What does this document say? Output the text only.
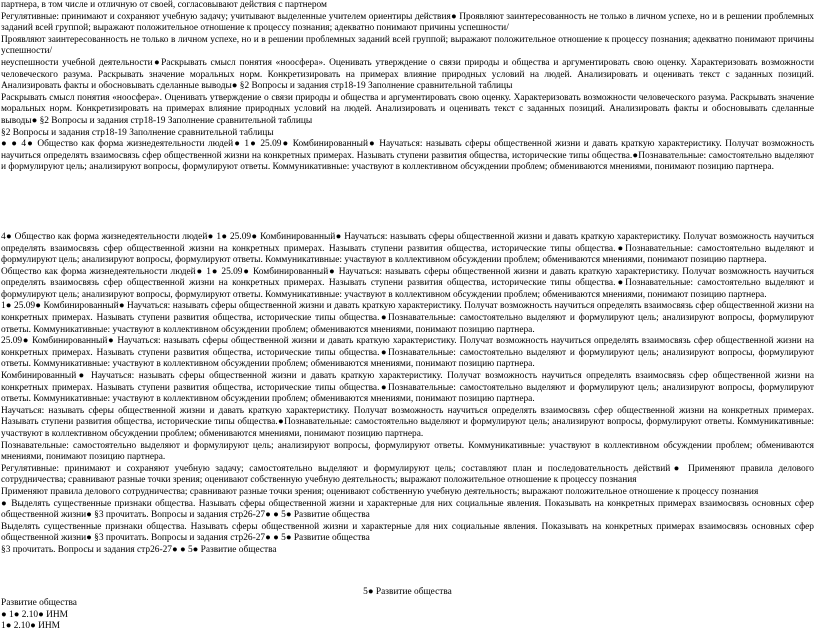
партнера, в том числе и отличную от своей, согласовывают действия с партнером

Регулятивные: принимают и сохраняют учебную задачу; учитывают выделенные учителем ориентиры действия● Проявляют заинтересованность не только в личном успехе, но и в решении проблемных заданий всей группой; выражают положительное отношение к процессу познания; адекватно понимают причины успешности/

Проявляют заинтересованность не только в личном успехе, но и в решении проблемных заданий всей группой; выражают положительное отношение к процессу познания; адекватно понимают причины успешности/

неуспешности учебной деятельности●Раскрывать смысл понятия «ноосфера». Оценивать утверждение о связи природы и общества и аргументировать свою оценку. Характеризовать возможности человеческого разума. Раскрывать значение моральных норм. Конкретизировать на примерах влияние природных условий на людей. Анализировать и оценивать текст с заданных позиций. Анализировать факты и обосновывать сделанные выводы● §2 Вопросы и задания стр18-19 Заполнение сравнительной таблицы

Раскрывать смысл понятия «ноосфера». Оценивать утверждение о связи природы и общества и аргументировать свою оценку. Характеризовать возможности человеческого разума. Раскрывать значение моральных норм. Конкретизировать на примерах влияние природных условий на людей. Анализировать и оценивать текст с заданных позиций. Анализировать факты и обосновывать сделанные выводы● §2 Вопросы и задания стр18-19 Заполнение сравнительной таблицы

§2 Вопросы и задания стр18-19 Заполнение сравнительной таблицы

● ● 4● Общество как форма жизнедеятельности людей● 1● 25.09● Комбинированный● Научаться: называть сферы общественной жизни и давать краткую характеристику. Получат возможность научиться определять взаимосвязь сфер общественной жизни на конкретных примерах. Называть ступени развития общества, исторические типы общества.●Познавательные: самостоятельно выделяют и формулируют цель; анализируют вопросы, формулируют ответы. Коммуникативные: участвуют в коллективном обсуждении проблем; обмениваются мнениями, понимают позицию партнера.

4● Общество как форма жизнедеятельности людей● 1● 25.09● Комбинированный● Научаться: называть сферы общественной жизни и давать краткую характеристику. Получат возможность научиться определять взаимосвязь сфер общественной жизни на конкретных примерах. Называть ступени развития общества, исторические типы общества.●Познавательные: самостоятельно выделяют и формулируют цель; анализируют вопросы, формулируют ответы. Коммуникативные: участвуют в коллективном обсуждении проблем; обмениваются мнениями, понимают позицию партнера.

Общество как форма жизнедеятельности людей● 1● 25.09● Комбинированный● Научаться: называть сферы общественной жизни и давать краткую характеристику. Получат возможность научиться определять взаимосвязь сфер общественной жизни на конкретных примерах. Называть ступени развития общества, исторические типы общества.●Познавательные: самостоятельно выделяют и формулируют цель; анализируют вопросы, формулируют ответы. Коммуникативные: участвуют в коллективном обсуждении проблем; обмениваются мнениями, понимают позицию партнера.

1● 25.09● Комбинированный● Научаться: называть сферы общественной жизни и давать краткую характеристику. Получат возможность научиться определять взаимосвязь сфер общественной жизни на конкретных примерах. Называть ступени развития общества, исторические типы общества.●Познавательные: самостоятельно выделяют и формулируют цель; анализируют вопросы, формулируют ответы. Коммуникативные: участвуют в коллективном обсуждении проблем; обмениваются мнениями, понимают позицию партнера.

25.09● Комбинированный● Научаться: называть сферы общественной жизни и давать краткую характеристику. Получат возможность научиться определять взаимосвязь сфер общественной жизни на конкретных примерах. Называть ступени развития общества, исторические типы общества.●Познавательные: самостоятельно выделяют и формулируют цель; анализируют вопросы, формулируют ответы. Коммуникативные: участвуют в коллективном обсуждении проблем; обмениваются мнениями, понимают позицию партнера.

Комбинированный● Научаться: называть сферы общественной жизни и давать краткую характеристику. Получат возможность научиться определять взаимосвязь сфер общественной жизни на конкретных примерах. Называть ступени развития общества, исторические типы общества.●Познавательные: самостоятельно выделяют и формулируют цель; анализируют вопросы, формулируют ответы. Коммуникативные: участвуют в коллективном обсуждении проблем; обмениваются мнениями, понимают позицию партнера.

Научаться: называть сферы общественной жизни и давать краткую характеристику. Получат возможность научиться определять взаимосвязь сфер общественной жизни на конкретных примерах. Называть ступени развития общества, исторические типы общества.●Познавательные: самостоятельно выделяют и формулируют цель; анализируют вопросы, формулируют ответы. Коммуникативные: участвуют в коллективном обсуждении проблем; обмениваются мнениями, понимают позицию партнера.

Познавательные: самостоятельно выделяют и формулируют цель; анализируют вопросы, формулируют ответы. Коммуникативные: участвуют в коллективном обсуждении проблем; обмениваются мнениями, понимают позицию партнера.

Регулятивные: принимают и сохраняют учебную задачу; самостоятельно выделяют и формулируют цель; составляют план и последовательность действий● Применяют правила делового сотрудничества; сравнивают разные точки зрения; оценивают собственную учебную деятельность; выражают положительное отношение к процессу познания

Применяют правила делового сотрудничества; сравнивают разные точки зрения; оценивают собственную учебную деятельность; выражают положительное отношение к процессу познания

● Выделять существенные признаки общества. Называть сферы общественной жизни и характерные для них социальные явления. Показывать на конкретных примерах взаимосвязь основных сфер общественной жизни● §3 прочитать. Вопросы и задания стр26-27● ● 5● Развитие общества

Выделять существенные признаки общества. Называть сферы общественной жизни и характерные для них социальные явления. Показывать на конкретных примерах взаимосвязь основных сфер общественной жизни● §3 прочитать. Вопросы и задания стр26-27● ● 5● Развитие общества

§3 прочитать. Вопросы и задания стр26-27● ● 5● Развитие общества

5● Развитие общества

Развитие общества

● 1● 2.10● ИНМ

1● 2.10● ИНМ
